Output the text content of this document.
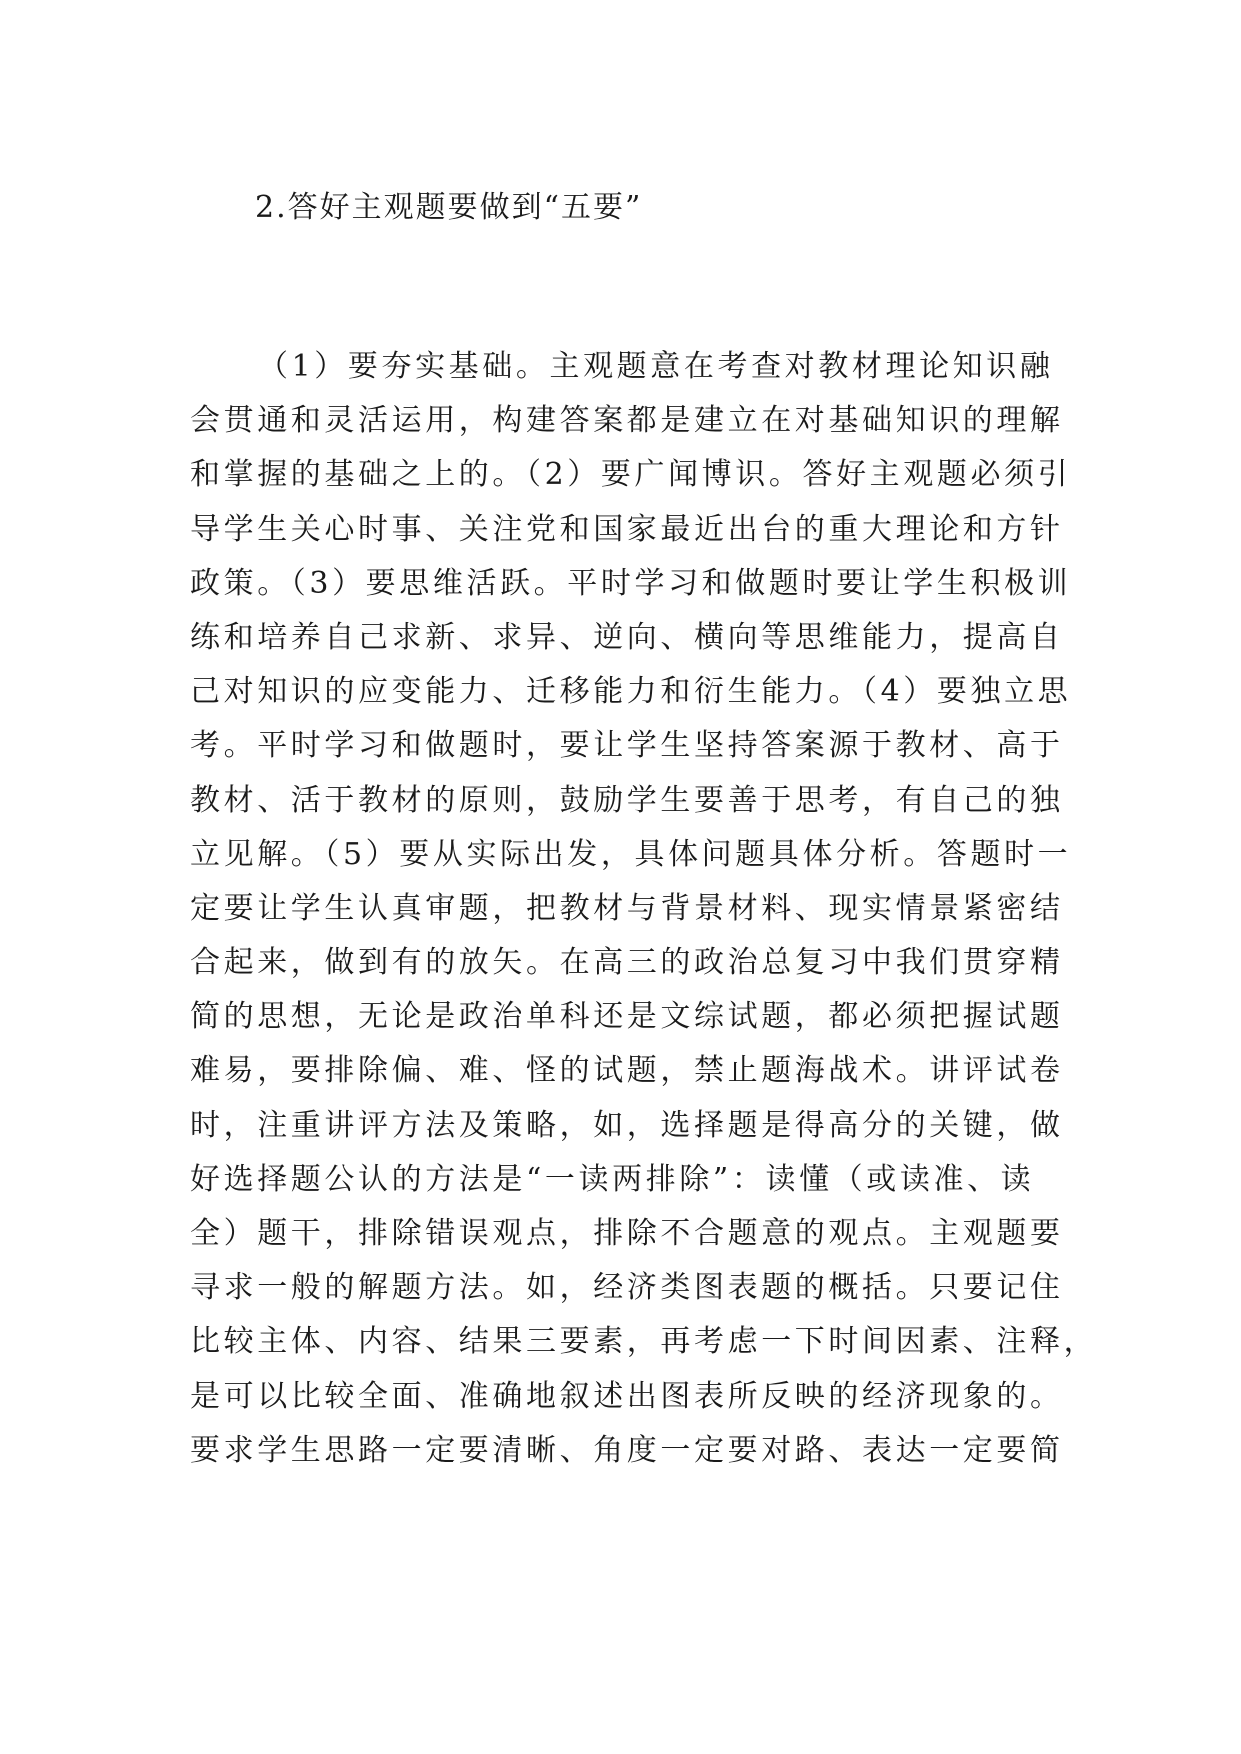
2.答好主观题要做到“五要”
（1）要夯实基础。主观题意在考查对教材理论知识融
会贯通和灵活运用，构建答案都是建立在对基础知识的理解
和掌握的基础之上的。（2）要广闻博识。答好主观题必须引
导学生关心时事、关注党和国家最近出台的重大理论和方针
政策。（3）要思维活跃。平时学习和做题时要让学生积极训
练和培养自己求新、求异、逆向、横向等思维能力，提高自
己对知识的应变能力、迁移能力和衍生能力。（4）要独立思
考。平时学习和做题时，要让学生坚持答案源于教材、高于
教材、活于教材的原则，鼓励学生要善于思考，有自己的独
立见解。（5）要从实际出发，具体问题具体分析。答题时一
定要让学生认真审题，把教材与背景材料、现实情景紧密结
合起来，做到有的放矢。在高三的政治总复习中我们贯穿精
简的思想，无论是政治单科还是文综试题，都必须把握试题
难易，要排除偏、难、怪的试题，禁止题海战术。讲评试卷
时，注重讲评方法及策略，如，选择题是得高分的关键，做
好选择题公认的方法是“一读两排除”：读懂（或读准、读
全）题干，排除错误观点，排除不合题意的观点。主观题要
寻求一般的解题方法。如，经济类图表题的概括。只要记住
比较主体、内容、结果三要素，再考虑一下时间因素、注释，
是可以比较全面、准确地叙述出图表所反映的经济现象的。
要求学生思路一定要清晰、角度一定要对路、表达一定要简
